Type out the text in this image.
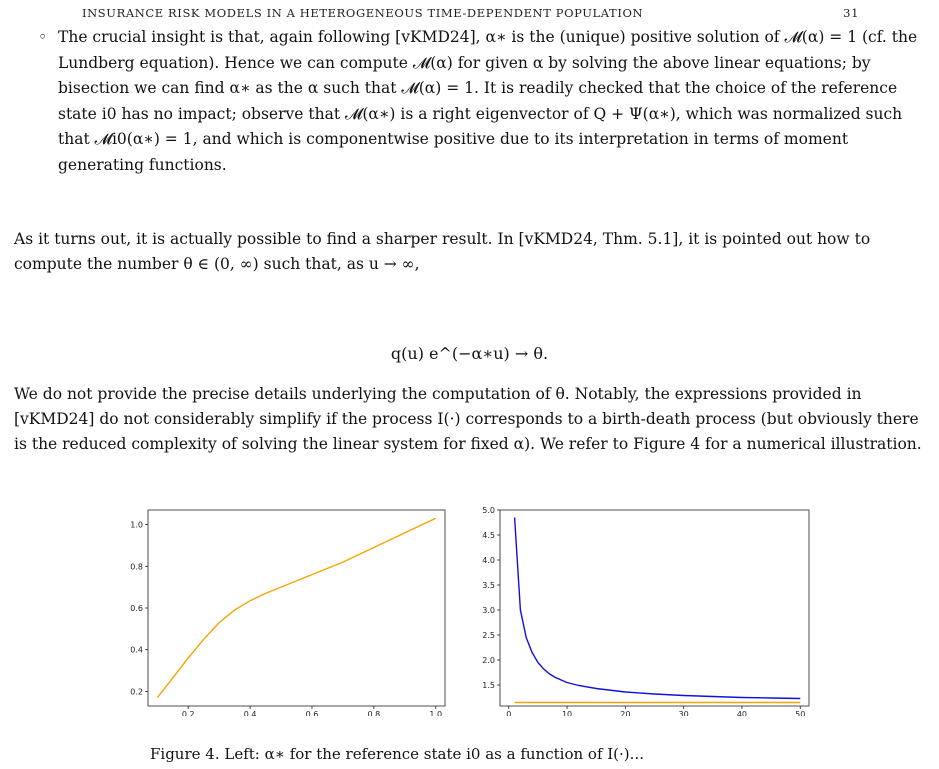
INSURANCE RISK MODELS IN A HETEROGENEOUS TIME-DEPENDENT POPULATION	31
◦ The crucial insight is that, again following [vKMD24], α∗ is the (unique) positive solution of 𝓜(α) = 1 (cf. the Lundberg equation). Hence we can compute 𝓜(α) for given α by solving the above linear equations; by bisection we can find α∗ as the α such that 𝓜(α) = 1. It is readily checked that the choice of the reference state i0 has no impact; observe that 𝓜(α∗) is a right eigenvector of Q + Ψ(α∗), which was normalized such that 𝓜i0(α∗) = 1, and which is componentwise positive due to its interpretation in terms of moment generating functions.
As it turns out, it is actually possible to find a sharper result. In [vKMD24, Thm. 5.1], it is pointed out how to compute the number θ ∈ (0, ∞) such that, as u → ∞,
q(u) e^(−α∗u) → θ.
We do not provide the precise details underlying the computation of θ. Notably, the expressions provided in [vKMD24] do not considerably simplify if the process I(·) corresponds to a birth-death process (but obviously there is the reduced complexity of solving the linear system for fixed α). We refer to Figure 4 for a numerical illustration.
0.2	0.4	0.6	0.8	1.0
0.2
0.4
0.6
0.8
1.0
0	10	20	30	40	50
1.5
2.0
2.5
3.0
3.5
4.0
4.5
5.0
Figure 4. Left: α∗ for the reference state i0 as a function of I(·)...
